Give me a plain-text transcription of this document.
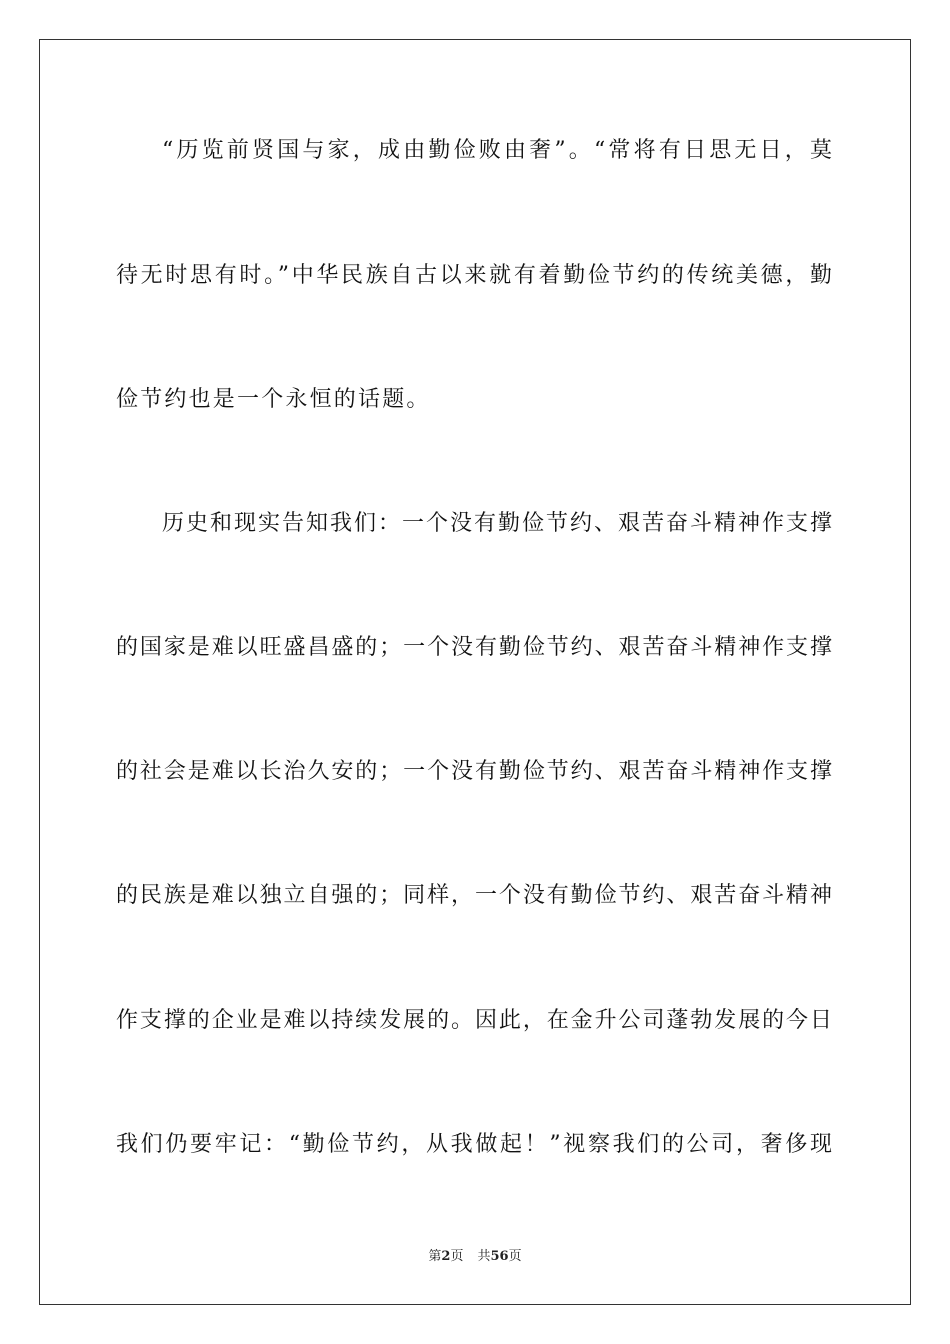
“历览前贤国与家，成由勤俭败由奢”。“常将有日思无日，莫
待无时思有时。”中华民族自古以来就有着勤俭节约的传统美德，勤
俭节约也是一个永恒的话题。
历史和现实告知我们：一个没有勤俭节约、艰苦奋斗精神作支撑
的国家是难以旺盛昌盛的；一个没有勤俭节约、艰苦奋斗精神作支撑
的社会是难以长治久安的；一个没有勤俭节约、艰苦奋斗精神作支撑
的民族是难以独立自强的；同样，一个没有勤俭节约、艰苦奋斗精神
作支撑的企业是难以持续发展的。因此，在金升公司蓬勃发展的今日
我们仍要牢记：“勤俭节约，从我做起！”视察我们的公司，奢侈现
第2页 共56页
